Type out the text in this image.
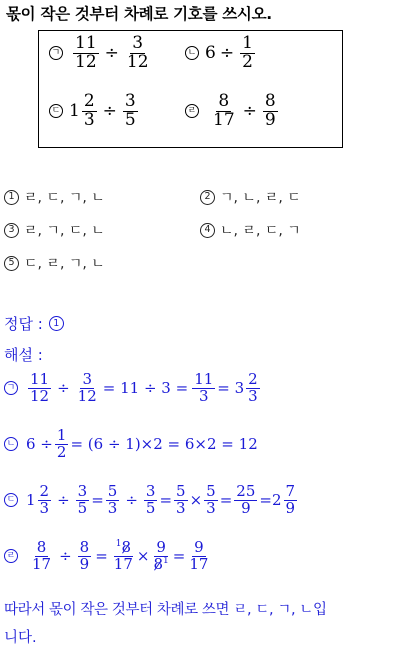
몫이 작은 것부터 차례로 기호를 쓰시오.
ㄱ $\frac{11}{12} \div \frac{3}{12}$	ㄴ $6 \div \frac{1}{2}$
ㄷ $1 \frac{2}{3} \div \frac{3}{5}$	ㄹ $\frac{8}{17} \div \frac{8}{9}$
1 ㄹ, ㄷ, ㄱ, ㄴ	2 ㄱ, ㄴ, ㄹ, ㄷ
3 ㄹ, ㄱ, ㄷ, ㄴ	4 ㄴ, ㄹ, ㄷ, ㄱ
5 ㄷ, ㄹ, ㄱ, ㄴ
정답 :	1
해설 :
ㄱ $\frac{11}{12} \div \frac{3}{12} = 11 \div 3 = \frac{11}{3} = 3 \frac{2}{3}$
ㄴ $6 \div \frac{1}{2} = (6 \div 1)\times 2 = 6\times 2 = 12$
ㄷ $1 \frac{2}{3} \div \frac{3}{5} = \frac{5}{3} \div \frac{3}{5} = \frac{5}{3} \times \frac{5}{3} = \frac{25}{9} = 2 \frac{7}{9}$
ㄹ $\frac{8}{17} \div \frac{8}{9} = \frac{^18}{17} \times \frac{9}{8^1} = \frac{9}{17}$
따라서 몫이 작은 것부터 차례로 쓰면 ㄹ, ㄷ, ㄱ, ㄴ입
니다.
